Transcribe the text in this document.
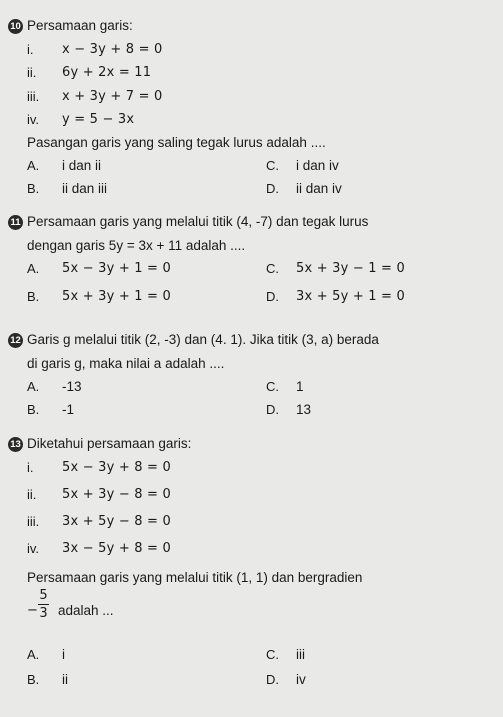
10 Persamaan garis:
i. x − 3y + 8 = 0
ii. 6y + 2x = 11
iii. x + 3y + 7 = 0
iv. y = 5 − 3x
Pasangan garis yang saling tegak lurus adalah ....
A. i dan ii	C. i dan iv
B. ii dan iii	D. ii dan iv
11 Persamaan garis yang melalui titik (4, -7) dan tegak lurus
dengan garis 5y = 3x + 11 adalah ....
A. 5x − 3y + 1 = 0	C. 5x + 3y − 1 = 0
B. 5x + 3y + 1 = 0	D. 3x + 5y + 1 = 0
12 Garis g melalui titik (2, -3) dan (4. 1). Jika titik (3, a) berada
di garis g, maka nilai a adalah ....
A. -13	C. 1
B. -1	D. 13
13 Diketahui persamaan garis:
i. 5x − 3y + 8 = 0
ii. 5x + 3y − 8 = 0
iii. 3x + 5y − 8 = 0
iv. 3x − 5y + 8 = 0
Persamaan garis yang melalui titik (1, 1) dan bergradien
−
5
3 adalah ...
A. i	C. iii
B. ii	D. iv
